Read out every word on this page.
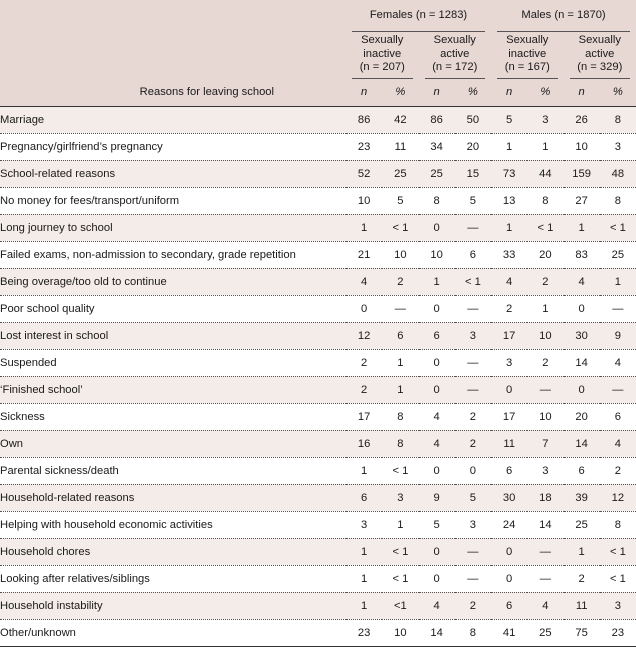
	Females (n = 1283)				Males (n = 1870)			

	Sexually
inactive
(n = 207)		Sexually
active
(n = 172)		Sexually
inactive
(n = 167)		Sexually
active
(n = 329)	

Reasons for leaving school	n	%	n	%	n	%	n	%
Marriage	86	42	86	50	5	3	26	8
Pregnancy/girlfriend’s pregnancy	23	11	34	20	1	1	10	3
School-related reasons	52	25	25	15	73	44	159	48
No money for fees/transport/uniform	10	5	8	5	13	8	27	8
Long journey to school	1	< 1	0	—	1	< 1	1	< 1
Failed exams, non-admission to secondary, grade repetition	21	10	10	6	33	20	83	25
Being overage/too old to continue	4	2	1	< 1	4	2	4	1
Poor school quality	0	—	0	—	2	1	0	—
Lost interest in school	12	6	6	3	17	10	30	9
Suspended	2	1	0	—	3	2	14	4
‘Finished school’	2	1	0	—	0	—	0	—
Sickness	17	8	4	2	17	10	20	6
Own	16	8	4	2	11	7	14	4
Parental sickness/death	1	< 1	0	0	6	3	6	2
Household-related reasons	6	3	9	5	30	18	39	12
Helping with household economic activities	3	1	5	3	24	14	25	8
Household chores	1	< 1	0	—	0	—	1	< 1
Looking after relatives/siblings	1	< 1	0	—	0	—	2	< 1
Household instability	1	<1	4	2	6	4	11	3
Other/unknown	23	10	14	8	41	25	75	23
